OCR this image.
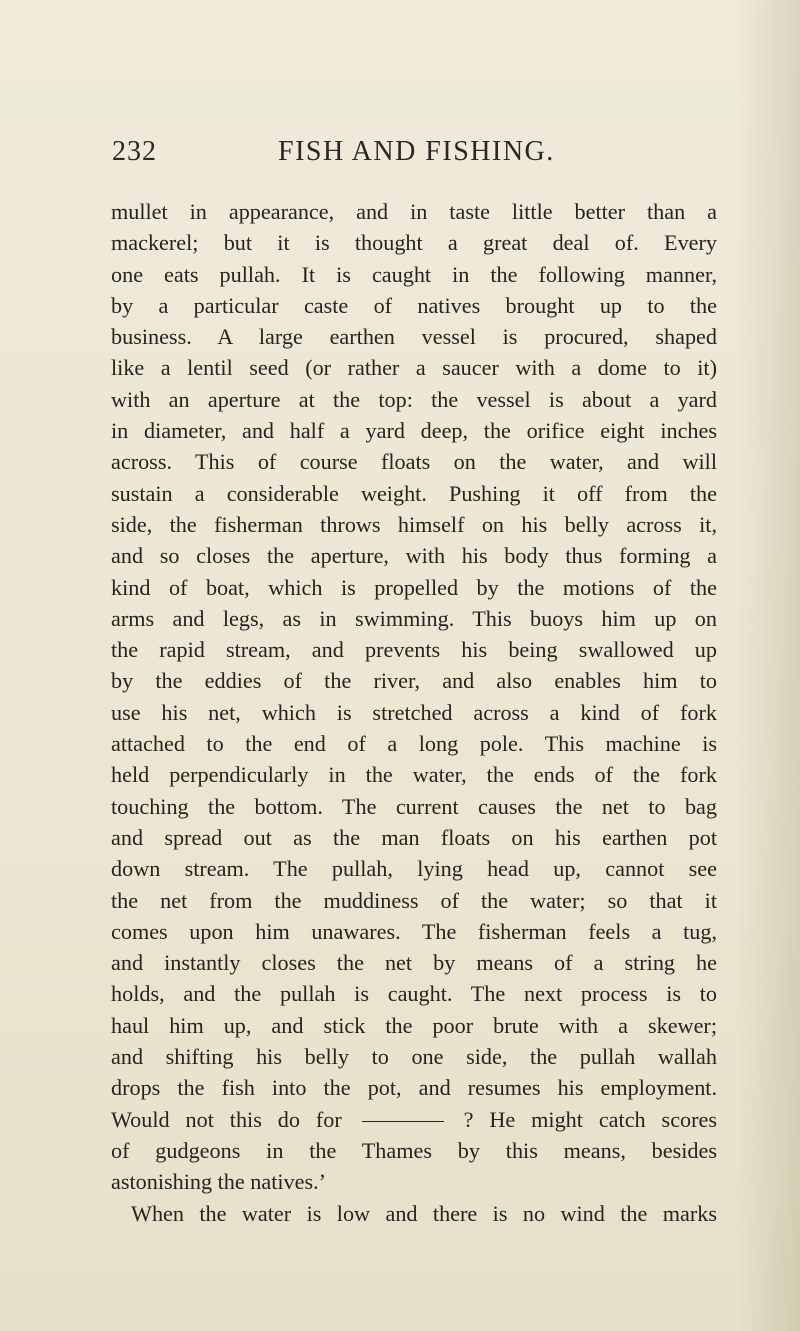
232	FISH AND FISHING.
mullet in appearance, and in taste little better than a
mackerel; but it is thought a great deal of. Every
one eats pullah. It is caught in the following manner,
by a particular caste of natives brought up to the
business. A large earthen vessel is procured, shaped
like a lentil seed (or rather a saucer with a dome to it)
with an aperture at the top: the vessel is about a yard
in diameter, and half a yard deep, the orifice eight inches
across. This of course floats on the water, and will
sustain a considerable weight. Pushing it off from the
side, the fisherman throws himself on his belly across it,
and so closes the aperture, with his body thus forming a
kind of boat, which is propelled by the motions of the
arms and legs, as in swimming. This buoys him up on
the rapid stream, and prevents his being swallowed up
by the eddies of the river, and also enables him to
use his net, which is stretched across a kind of fork
attached to the end of a long pole. This machine is
held perpendicularly in the water, the ends of the fork
touching the bottom. The current causes the net to bag
and spread out as the man floats on his earthen pot
down stream. The pullah, lying head up, cannot see
the net from the muddiness of the water; so that it
comes upon him unawares. The fisherman feels a tug,
and instantly closes the net by means of a string he
holds, and the pullah is caught. The next process is to
haul him up, and stick the poor brute with a skewer;
and shifting his belly to one side, the pullah wallah
drops the fish into the pot, and resumes his employment.
Would not this do for	? He might catch scores
of gudgeons in the Thames by this means, besides
astonishing the natives.’
When the water is low and there is no wind the marks
